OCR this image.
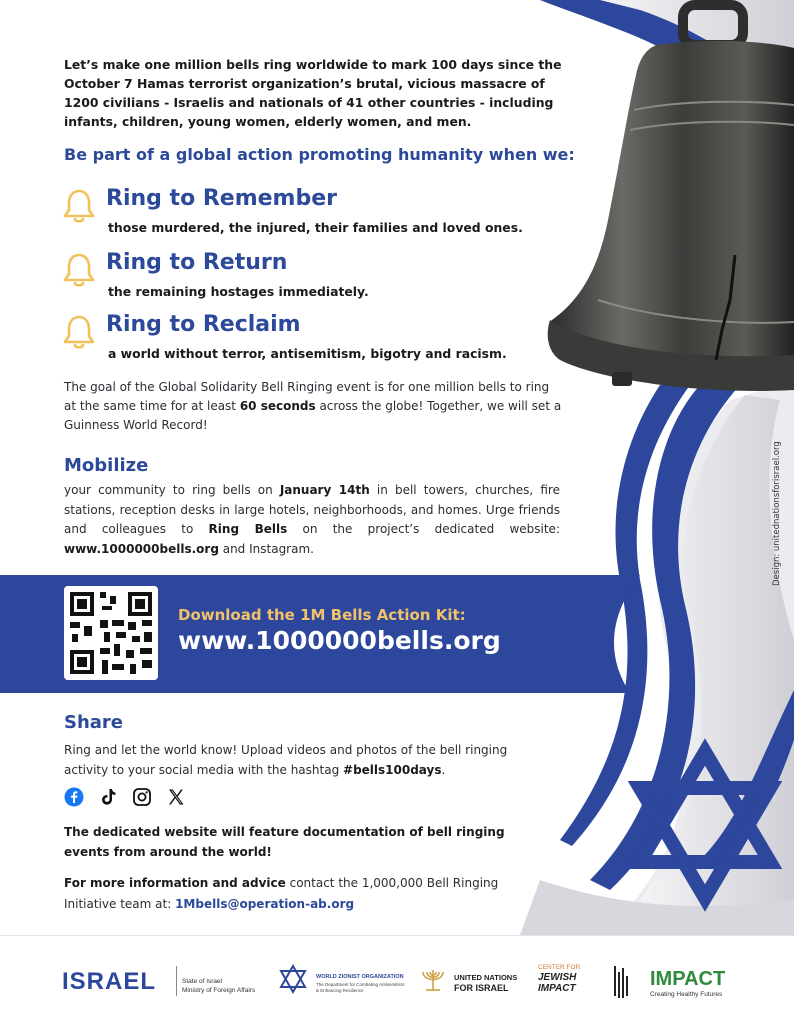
Let’s make one million bells ring worldwide to mark 100 days since the October 7 Hamas terrorist organization’s brutal, vicious massacre of 1200 civilians - Israelis and nationals of 41 other countries - including infants, children, young women, elderly women, and men.

Be part of a global action promoting humanity when we:
Ring to Remember
those murdered, the injured, their families and loved ones.
Ring to Return
the remaining hostages immediately.
Ring to Reclaim
a world without terror, antisemitism, bigotry and racism.

The goal of the Global Solidarity Bell Ringing event is for one million bells to ring at the same time for at least 60 seconds across the globe! Together, we will set a Guinness World Record!

Mobilize

your community to ring bells on January 14th in bell towers, churches, fire stations, reception desks in large hotels, neighborhoods, and homes. Urge friends and colleagues to Ring Bells on the project’s dedicated website: www.1000000bells.org and Instagram.

Download the 1M Bells Action Kit:
www.1000000bells.org
Share

Ring and let the world know! Upload videos and photos of the bell ringing activity to your social media with the hashtag #bells100days.

The dedicated website will feature documentation of bell ringing events from around the world!

For more information and advice contact the 1,000,000 Bell Ringing Initiative team at: 1Mbells@operation-ab.org

Design: unitednationsforisrael.org
ISRAEL	State of Israel
Ministry of Foreign Affairs
WORLD ZIONIST ORGANIZATION
The Department for Combating Antisemitism
& Enhancing Resilience
UNITED NATIONS
FOR ISRAEL
CENTER FOR
JEWISH
IMPACT	IMPACT
Creating Healthy Futures
